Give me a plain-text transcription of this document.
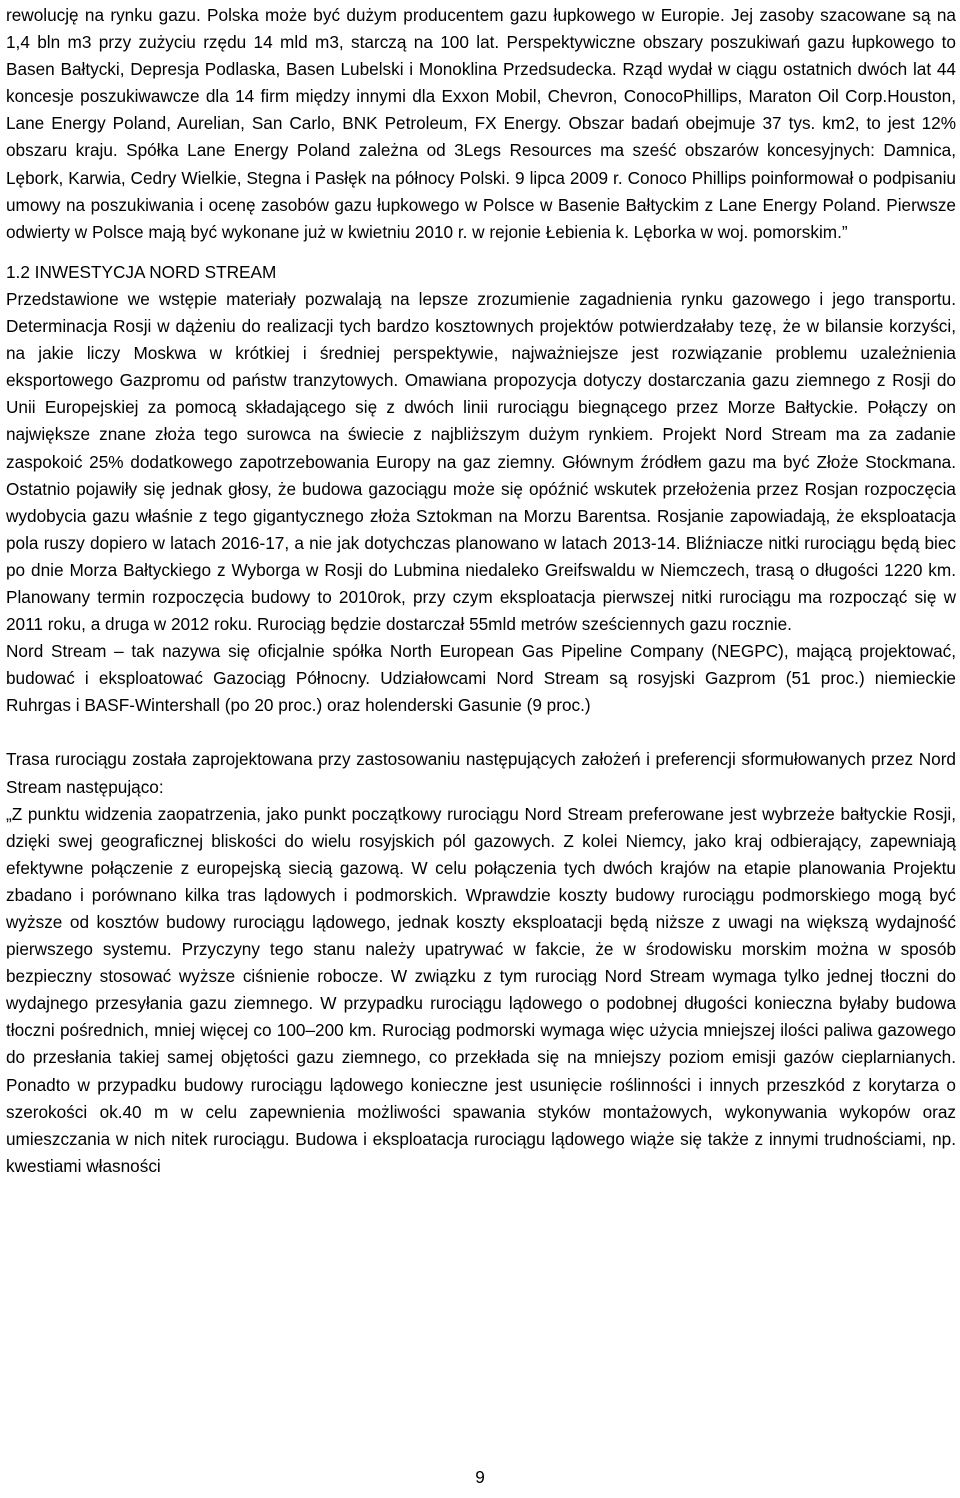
rewolucję na rynku gazu. Polska może być dużym producentem gazu łupkowego w Europie. Jej zasoby szacowane są na 1,4 bln m3 przy zużyciu rzędu 14 mld m3, starczą na 100 lat. Perspektywiczne obszary poszukiwań gazu łupkowego to Basen Bałtycki, Depresja Podlaska, Basen Lubelski i Monoklina Przedsudecka. Rząd wydał w ciągu ostatnich dwóch lat 44 koncesje poszukiwawcze dla 14 firm między innymi dla Exxon Mobil, Chevron, ConocoPhillips, Maraton Oil Corp.Houston, Lane Energy Poland, Aurelian, San Carlo, BNK Petroleum, FX Energy. Obszar badań obejmuje 37 tys. km2, to jest 12% obszaru kraju. Spółka Lane Energy Poland zależna od 3Legs Resources ma sześć obszarów koncesyjnych: Damnica, Lębork, Karwia, Cedry Wielkie, Stegna i Pasłęk na północy Polski. 9 lipca 2009 r. Conoco Phillips poinformował o podpisaniu umowy na poszukiwania i ocenę zasobów gazu łupkowego w Polsce w Basenie Bałtyckim z Lane Energy Poland. Pierwsze odwierty w Polsce mają być wykonane już w kwietniu 2010 r. w rejonie Łebienia k. Lęborka w woj. pomorskim.”

1.2 INWESTYCJA NORD STREAM

Przedstawione we wstępie materiały pozwalają na lepsze zrozumienie zagadnienia rynku gazowego i jego transportu. Determinacja Rosji w dążeniu do realizacji tych bardzo kosztownych projektów potwierdzałaby tezę, że w bilansie korzyści, na jakie liczy Moskwa w krótkiej i średniej perspektywie, najważniejsze jest rozwiązanie problemu uzależnienia eksportowego Gazpromu od państw tranzytowych. Omawiana propozycja dotyczy dostarczania gazu ziemnego z Rosji do Unii Europejskiej za pomocą składającego się z dwóch linii rurociągu biegnącego przez Morze Bałtyckie. Połączy on największe znane złoża tego surowca na świecie z najbliższym dużym rynkiem. Projekt Nord Stream ma za zadanie zaspokoić 25% dodatkowego zapotrzebowania Europy na gaz ziemny. Głównym źródłem gazu ma być Złoże Stockmana. Ostatnio pojawiły się jednak głosy, że budowa gazociągu może się opóźnić wskutek przełożenia przez Rosjan rozpoczęcia wydobycia gazu właśnie z tego gigantycznego złoża Sztokman na Morzu Barentsa. Rosjanie zapowiadają, że eksploatacja pola ruszy dopiero w latach 2016-17, a nie jak dotychczas planowano w latach 2013-14. Bliźniacze nitki rurociągu będą biec po dnie Morza Bałtyckiego z Wyborga w Rosji do Lubmina niedaleko Greifswaldu w Niemczech, trasą o długości 1220 km. Planowany termin rozpoczęcia budowy to 2010rok, przy czym eksploatacja pierwszej nitki rurociągu ma rozpocząć się w 2011 roku, a druga w 2012 roku. Rurociąg będzie dostarczał 55mld metrów sześciennych gazu rocznie.

Nord Stream – tak nazywa się oficjalnie spółka North European Gas Pipeline Company (NEGPC), mającą projektować, budować i eksploatować Gazociąg Północny. Udziałowcami Nord Stream są rosyjski Gazprom (51 proc.) niemieckie Ruhrgas i BASF-Wintershall (po 20 proc.) oraz holenderski Gasunie (9 proc.)

Trasa rurociągu została zaprojektowana przy zastosowaniu następujących założeń i preferencji sformułowanych przez Nord Stream następująco:

„Z punktu widzenia zaopatrzenia, jako punkt początkowy rurociągu Nord Stream preferowane jest wybrzeże bałtyckie Rosji, dzięki swej geograficznej bliskości do wielu rosyjskich pól gazowych. Z kolei Niemcy, jako kraj odbierający, zapewniają efektywne połączenie z europejską siecią gazową. W celu połączenia tych dwóch krajów na etapie planowania Projektu zbadano i porównano kilka tras lądowych i podmorskich. Wprawdzie koszty budowy rurociągu podmorskiego mogą być wyższe od kosztów budowy rurociągu lądowego, jednak koszty eksploatacji będą niższe z uwagi na większą wydajność pierwszego systemu. Przyczyny tego stanu należy upatrywać w fakcie, że w środowisku morskim można w sposób bezpieczny stosować wyższe ciśnienie robocze. W związku z tym rurociąg Nord Stream wymaga tylko jednej tłoczni do wydajnego przesyłania gazu ziemnego. W przypadku rurociągu lądowego o podobnej długości konieczna byłaby budowa tłoczni pośrednich, mniej więcej co 100–200 km. Rurociąg podmorski wymaga więc użycia mniejszej ilości paliwa gazowego do przesłania takiej samej objętości gazu ziemnego, co przekłada się na mniejszy poziom emisji gazów cieplarnianych. Ponadto w przypadku budowy rurociągu lądowego konieczne jest usunięcie roślinności i innych przeszkód z korytarza o szerokości ok.40 m w celu zapewnienia możliwości spawania styków montażowych, wykonywania wykopów oraz umieszczania w nich nitek rurociągu. Budowa i eksploatacja rurociągu lądowego wiąże się także z innymi trudnościami, np. kwestiami własności

9
